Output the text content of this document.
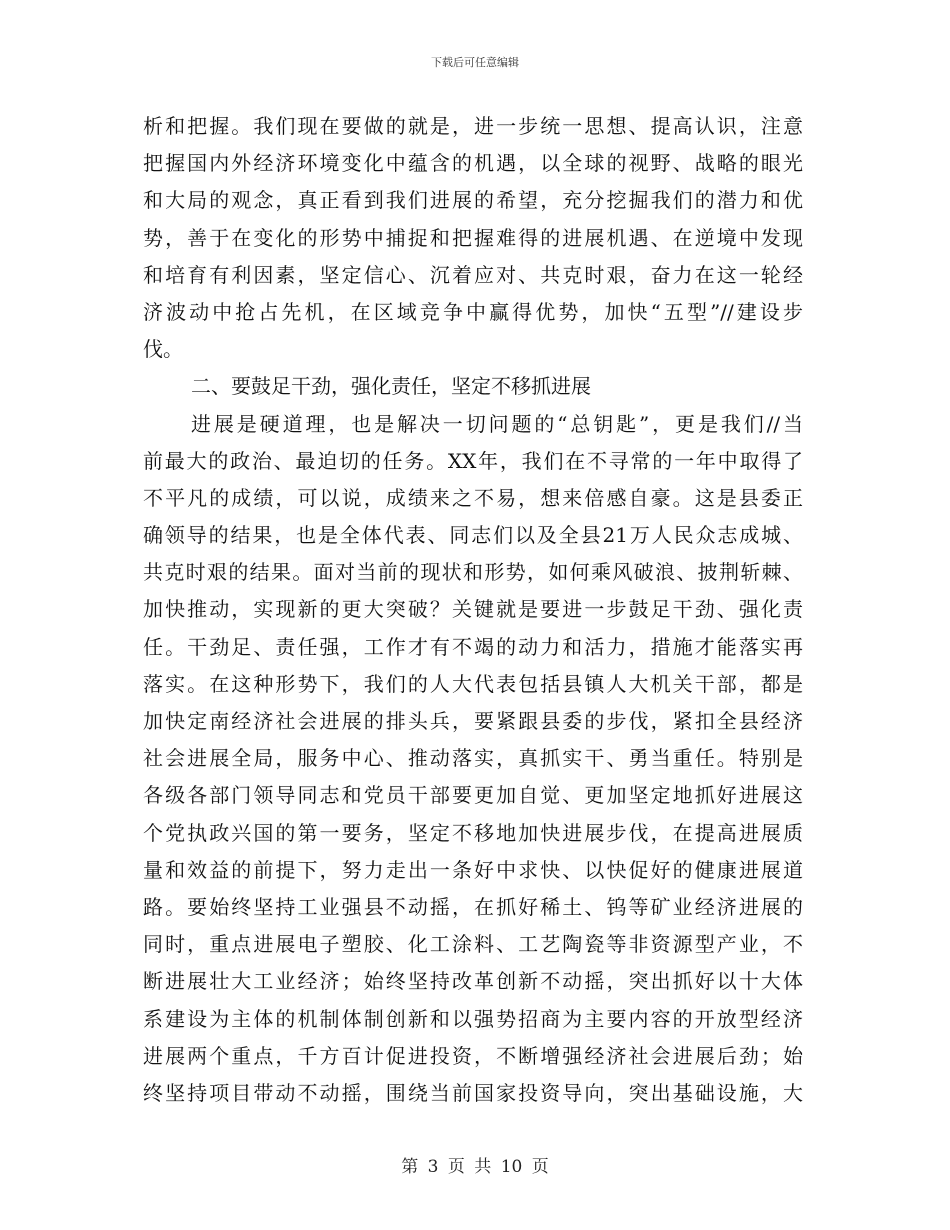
下载后可任意编辑
析和把握。我们现在要做的就是，进一步统一思想、提高认识，注意
把握国内外经济环境变化中蕴含的机遇，以全球的视野、战略的眼光
和大局的观念，真正看到我们进展的希望，充分挖掘我们的潜力和优
势，善于在变化的形势中捕捉和把握难得的进展机遇、在逆境中发现
和培育有利因素，坚定信心、沉着应对、共克时艰，奋力在这一轮经
济波动中抢占先机，在区域竞争中赢得优势，加快“五型”//建设步
伐。
二、要鼓足干劲，强化责任，坚定不移抓进展
进展是硬道理，也是解决一切问题的“总钥匙”，更是我们//当
前最大的政治、最迫切的任务。XX年，我们在不寻常的一年中取得了
不平凡的成绩，可以说，成绩来之不易，想来倍感自豪。这是县委正
确领导的结果，也是全体代表、同志们以及全县21万人民众志成城、
共克时艰的结果。面对当前的现状和形势，如何乘风破浪、披荆斩棘、
加快推动，实现新的更大突破？关键就是要进一步鼓足干劲、强化责
任。干劲足、责任强，工作才有不竭的动力和活力，措施才能落实再
落实。在这种形势下，我们的人大代表包括县镇人大机关干部，都是
加快定南经济社会进展的排头兵，要紧跟县委的步伐，紧扣全县经济
社会进展全局，服务中心、推动落实，真抓实干、勇当重任。特别是
各级各部门领导同志和党员干部要更加自觉、更加坚定地抓好进展这
个党执政兴国的第一要务，坚定不移地加快进展步伐，在提高进展质
量和效益的前提下，努力走出一条好中求快、以快促好的健康进展道
路。要始终坚持工业强县不动摇，在抓好稀土、钨等矿业经济进展的
同时，重点进展电子塑胶、化工涂料、工艺陶瓷等非资源型产业，不
断进展壮大工业经济；始终坚持改革创新不动摇，突出抓好以十大体
系建设为主体的机制体制创新和以强势招商为主要内容的开放型经济
进展两个重点，千方百计促进投资，不断增强经济社会进展后劲；始
终坚持项目带动不动摇，围绕当前国家投资导向，突出基础设施，大
第 3 页 共 10 页
